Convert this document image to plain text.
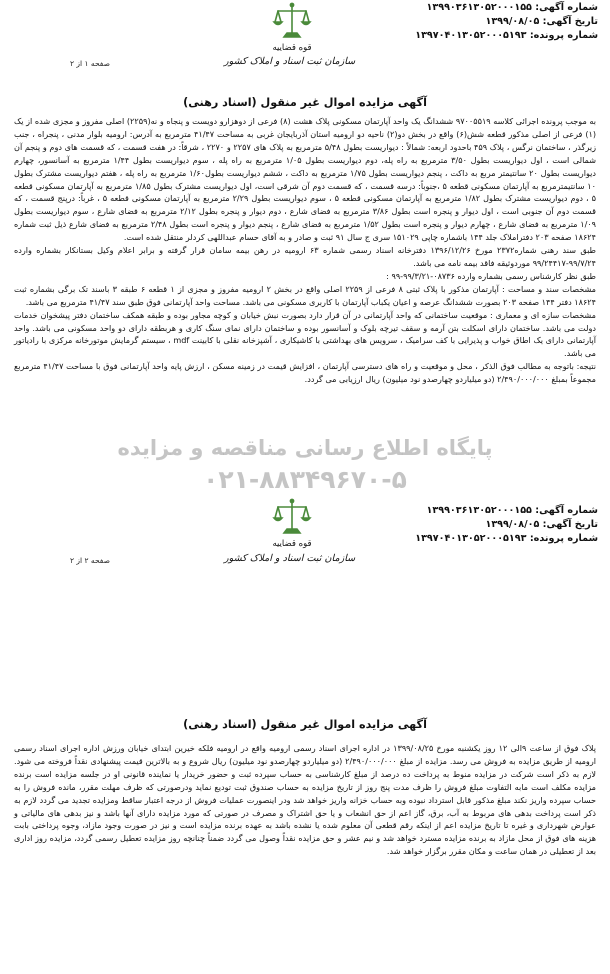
شماره آگهی: ۱۳۹۹۰۳۶۱۳۰۵۲۰۰۰۱۵۵
تاریخ آگهی: ۱۳۹۹/۰۸/۰۵
شماره پرونده: ۱۳۹۷۰۴۰۱۳۰۵۲۰۰۰۵۱۹۳
قوه قضاییه
سازمان ثبت اسناد و املاک کشور
صفحه ۱ از ۲
آگهی مزایده اموال غیر منقول (اسناد رهنی)

به موجب پرونده اجرائی کلاسه ۹۷۰۰۵۵۱۹ ششدانگ یک واحد آپارتمان مسکونی پلاک هشت (۸) فرعی از دوهزارو دویست و پنجاه و نه(۲۲۵۹) اصلی مفروز و مجزی شده از یک (۱) فرعی از اصلی مذکور قطعه شش(۶) واقع در بخش دو(۲) ناحیه دو ارومیه استان آذربایجان غربی به مساحت ۴۱/۴۷ مترمربع به آدرس: ارومیه بلوار مدنی ، پنجراه ، جنب زیرگذر ، ساختمان نرگس ، پلاک ۴۵۹ باحدود اربعه: شمالاً : دیواریست بطول ۵/۴۸ مترمربع به پلاک های ۲۲۵۷ و ۲۲۷۰ ، شرقاً: در هفت قسمت ، که قسمت های دوم و پنجم آن شمالی است ، اول دیواریست بطول ۳/۵۰ مترمربع به راه پله، دوم دیواریست بطول ۱/۰۵ مترمربع به راه پله ، سوم دیواریست بطول ۱/۴۴ مترمربع به آسانسور، چهارم دیواریست بطول ۲۰ سانتیمتر مربع به داکت ، پنجم دیواریست بطول ۱/۷۵ مترمربع به داکت ، ششم دیواریست بطول۱/۶۰ مترمربع به راه پله ، هفتم دیواریست مشترک بطول ۱۰ سانتیمترمربع به آپارتمان مسکونی قطعه ۵ ،جنوباً: درسه قسمت ، که قسمت دوم آن شرقی است، اول دیواریست مشترک بطول ۱/۸۵ مترمربع به آپارتمان مسکونی قطعه ۵ ، دوم دیواریست مشترک بطول ۱/۸۲ مترمربع به آپارتمان مسکونی قطعه ۵ ، سوم دیواریست بطول ۲/۲۹ مترمربع به آپارتمان مسکونی قطعه ۵ ، غرباً: درپنج قسمت ، که قسمت دوم آن جنوبی است ، اول دیوار و پنجره است بطول ۳/۸۶ مترمربع به فضای شارع ، دوم دیوار و پنجره بطول ۲/۱۲ مترمربع به فضای شارع ، سوم دیواریست بطول ۱/۰۹ مترمربع به فضای شارع ، چهارم دیوار و پنجره است بطول ۱/۵۲ مترمربع به فضای شارع ، پنجم دیوار و پنجره است بطول ۲/۴۸ مترمربع به فضای شارع ذیل ثبت شماره ۱۸۶۲۴ صفحه ۲۰۳ دفتراملاک جلد ۱۴۴ باشماره چاپی ۱۵۱۰۲۹ سری ج سال ۹۱ ثبت و صادر و به آقای حسام عبداللهی کردلر منتقل شده است.

طبق سند رهنی شماره۲۳۷۲ مورخ ۱۳۹۶/۱۲/۲۶ دفترخانه اسناد رسمی شماره ۶۳ ارومیه در رهن بیمه سامان قرار گرفته و برابر اعلام وکیل بستانکار بشماره وارده ۹۹/۷/۲۴-۹۹/۲۴۴۱۷ موردوثیقه فاقد بیمه نامه می باشد.

طبق نظر کارشناس رسمی بشماره وارده ۰۸۷۳۶-۹۹/۳/۲۱-۹۹ :

مشخصات سند و مساحت : آپارتمان مذکور با پلاک ثبتی ۸ فرعی از ۲۲۵۹ اصلی واقع در بخش ۲ ارومیه مفروز و مجزی از ۱ قطعه ۶ طبقه ۳ باسند تک برگی بشماره ثبت ۱۸۶۲۴ دفتر ۱۴۴ صفحه ۲۰۳ بصورت ششدانگ عرصه و اعیان یکباب آپارتمان با کاربری مسکونی می باشد. مساحت واحد آپارتمانی فوق طبق سند ۴۱/۴۷ مترمربع می باشد.

مشخصات سازه ای و معماری : موقعیت ساختمانی که واحد آپارتمانی در آن قرار دارد بصورت نبش خیابان و کوچه مجاور بوده و طبقه همکف ساختمان دفتر پیشخوان خدمات دولت می باشد. ساختمان دارای اسکلت بتن آرمه و سقف تیرچه بلوک و آسانسور بوده و ساختمان دارای نمای سنگ کاری و هربطقه دارای دو واحد مسکونی می باشد. واحد آپارتمانی دارای یک اطاق خواب و پذیرایی با کف سرامیک ، سرویس های بهداشتی با کاشیکاری ، آشپزخانه نقلی با کابینت mdf ، سیستم گرمایش موتورخانه مرکزی با رادیاتور می باشد.

نتیجه: باتوجه به مطالب فوق الذکر ، محل و موقعیت و راه های دسترسی آپارتمان ، افزایش قیمت در زمینه مسکن ، ارزش پایه واحد آپارتمانی فوق با مساحت ۴۱/۴۷ مترمربع مجموعاً بمبلغ ۲/۴۹۰/۰۰۰/۰۰۰ (دو میلیاردو چهارصدو نود میلیون) ریال ارزیابی می گردد.

پایگاه اطلاع رسانی مناقصه و مزایده
۰۲۱-۸۸۳۴۹۶۷۰-۵
شماره آگهی: ۱۳۹۹۰۳۶۱۳۰۵۲۰۰۰۱۵۵
تاریخ آگهی: ۱۳۹۹/۰۸/۰۵
شماره پرونده: ۱۳۹۷۰۴۰۱۳۰۵۲۰۰۰۵۱۹۳
قوه قضاییه
سازمان ثبت اسناد و املاک کشور
صفحه ۲ از ۲
آگهی مزایده اموال غیر منقول (اسناد رهنی)

پلاک فوق از ساعت ۹الی ۱۲ روز یکشنبه مورخ ۱۳۹۹/۰۸/۲۵ در اداره اجرای اسناد رسمی ارومیه واقع در ارومیه فلکه خیرین ابتدای خیابان ورزش اداره اجرای اسناد رسمی ارومیه از طریق مزایده به فروش می رسد. مزایده از مبلغ ۲/۴۹۰/۰۰۰/۰۰۰ (دو میلیاردو چهارصدو نود میلیون) ریال شروع و به بالاترین قیمت پیشنهادی نقداً فروخته می شود. لازم به ذکر است شرکت در مزایده منوط به پرداخت ده درصد از مبلغ کارشناسی به حساب سپرده ثبت و حضور خریدار یا نماینده قانونی او در جلسه مزایده است برنده مزایده مکلف است مابه التفاوت مبلغ فروش را ظرف مدت پنج روز از تاریخ مزایده به حساب صندوق ثبت تودیع نماید ودرصورتی که ظرف مهلت مقرر، مانده فروش را به حساب سپرده واریز نکند مبلغ مذکور قابل استرداد نبوده وبه حساب خزانه واریز خواهد شد ودر اینصورت عملیات فروش از درجه اعتبار ساقط ومزایده تجدید می گردد لازم به ذکر است پرداخت بدهی های مربوط به آب، برق، گاز اعم از حق انشعاب و یا حق اشتراک و مصرف در صورتی که مورد مزایده دارای آنها باشد و نیز بدهی های مالیاتی و عوارض شهرداری و غیره تا تاریخ مزایده اعم از اینکه رقم قطعی آن معلوم شده یا نشده باشد به عهده برنده مزایده است و نیز در صورت وجود مازاد، وجوه پرداختی بابت هزینه های فوق از محل مازاد به برنده مزایده مسترد خواهد شد و نیم عشر و حق مزایده نقداً وصول می گردد ضمناً چنانچه روز مزایده تعطیل رسمی گردد، مزایده روز اداری بعد از تعطیلی در همان ساعت و مکان مقرر برگزار خواهد شد.
